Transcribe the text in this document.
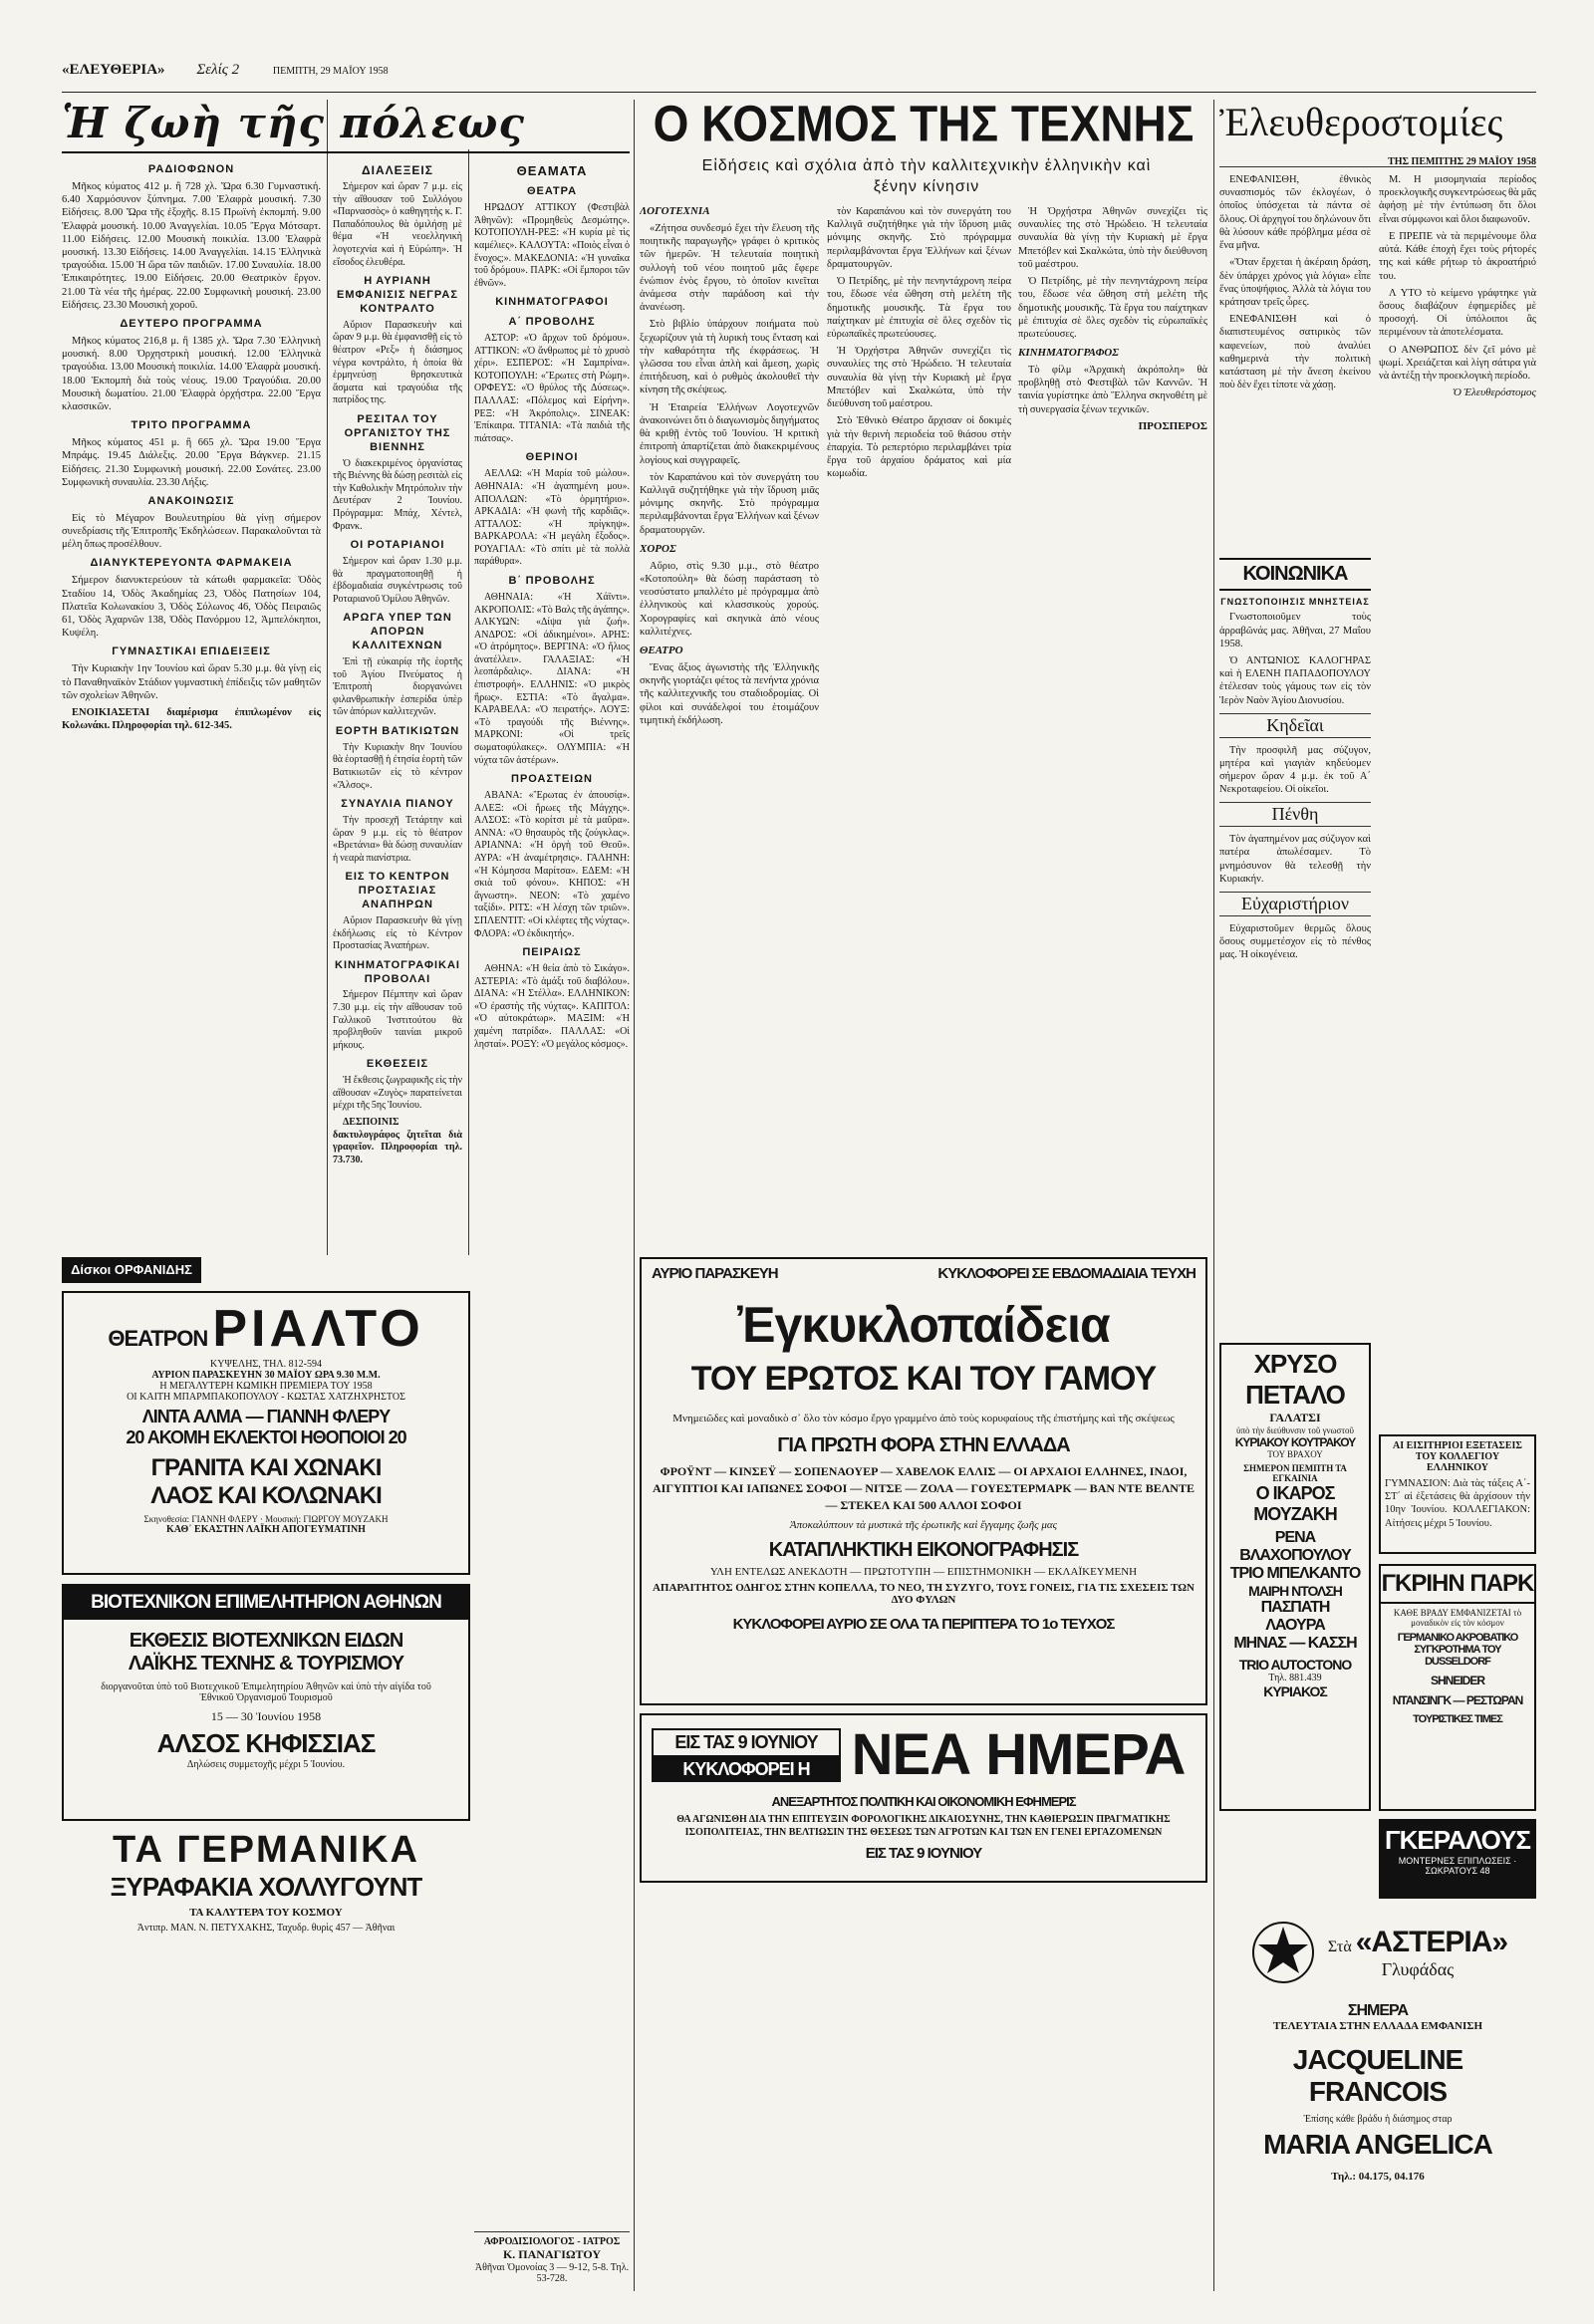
«ΕΛΕΥΘΕΡΙΑ» Σελίς 2	ΠΕΜΠΤΗ, 29 ΜΑΪΟΥ 1958
Ἡ ζωὴ τῆς πόλεως
ΡΑΔΙΟΦΩΝΟΝ

Μῆκος κύματος 412 μ. ἢ 728 χλ. Ὥρα 6.30 Γυμναστική. 6.40 Χαρμόσυνον ξύπνημα. 7.00 Ἐλαφρὰ μουσική. 7.30 Εἰδήσεις. 8.00 Ὥρα τῆς ἐξοχῆς. 8.15 Πρωϊνὴ ἐκπομπή. 9.00 Ἐλαφρὰ μουσική. 10.00 Ἀναγγελίαι. 10.05 Ἔργα Μότσαρτ. 11.00 Εἰδήσεις. 12.00 Μουσικὴ ποικιλία. 13.00 Ἐλαφρὰ μουσική. 13.30 Εἰδήσεις. 14.00 Ἀναγγελίαι. 14.15 Ἑλληνικὰ τραγούδια. 15.00 Ἡ ὥρα τῶν παιδιῶν. 17.00 Συναυλία. 18.00 Ἐπικαιρότητες. 19.00 Εἰδήσεις. 20.00 Θεατρικὸν ἔργον. 21.00 Τὰ νέα τῆς ἡμέρας. 22.00 Συμφωνικὴ μουσική. 23.00 Εἰδήσεις. 23.30 Μουσικὴ χοροῦ.

ΔΕΥΤΕΡΟ ΠΡΟΓΡΑΜΜΑ

Μῆκος κύματος 216,8 μ. ἢ 1385 χλ. Ὥρα 7.30 Ἑλληνικὴ μουσική. 8.00 Ὀρχηστρικὴ μουσική. 12.00 Ἑλληνικὰ τραγούδια. 13.00 Μουσικὴ ποικιλία. 14.00 Ἐλαφρὰ μουσική. 18.00 Ἐκπομπὴ διὰ τοὺς νέους. 19.00 Τραγούδια. 20.00 Μουσικὴ δωματίου. 21.00 Ἐλαφρὰ ὀρχήστρα. 22.00 Ἔργα κλασσικῶν.

ΤΡΙΤΟ ΠΡΟΓΡΑΜΜΑ

Μῆκος κύματος 451 μ. ἢ 665 χλ. Ὥρα 19.00 Ἔργα Μπράμς. 19.45 Διάλεξις. 20.00 Ἔργα Βάγκνερ. 21.15 Εἰδήσεις. 21.30 Συμφωνικὴ μουσική. 22.00 Σονάτες. 23.00 Συμφωνικὴ συναυλία. 23.30 Λήξις.

ΑΝΑΚΟΙΝΩΣΙΣ

Εἰς τὸ Μέγαρον Βουλευτηρίου θὰ γίνῃ σήμερον συνεδρίασις τῆς Ἐπιτροπῆς Ἐκδηλώσεων. Παρακαλοῦνται τὰ μέλη ὅπως προσέλθουν.

ΔΙΑΝΥΚΤΕΡΕΥΟΝΤΑ ΦΑΡΜΑΚΕΙΑ

Σήμερον διανυκτερεύουν τὰ κάτωθι φαρμακεῖα: Ὁδὸς Σταδίου 14, Ὁδὸς Ἀκαδημίας 23, Ὁδὸς Πατησίων 104, Πλατεῖα Κολωνακίου 3, Ὁδὸς Σόλωνος 46, Ὁδὸς Πειραιῶς 61, Ὁδὸς Ἀχαρνῶν 138, Ὁδὸς Πανόρμου 12, Ἀμπελόκηποι, Κυψέλη.

ΓΥΜΝΑΣΤΙΚΑΙ ΕΠΙΔΕΙΞΕΙΣ

Τὴν Κυριακὴν 1ην Ἰουνίου καὶ ὥραν 5.30 μ.μ. θὰ γίνῃ εἰς τὸ Παναθηναϊκὸν Στάδιον γυμναστικὴ ἐπίδειξις τῶν μαθητῶν τῶν σχολείων Ἀθηνῶν.

ΕΝΟΙΚΙΑΣΕΤΑΙ διαμέρισμα ἐπιπλωμένον εἰς Κολωνάκι. Πληροφορίαι τηλ. 612-345.

ΔΙΑΛΕΞΕΙΣ

Σήμερον καὶ ὥραν 7 μ.μ. εἰς τὴν αἴθουσαν τοῦ Συλλόγου «Παρνασσὸς» ὁ καθηγητὴς κ. Γ. Παπαδόπουλος θὰ ὁμιλήσῃ μὲ θέμα «Ἡ νεοελληνικὴ λογοτεχνία καὶ ἡ Εὐρώπη». Ἡ εἴσοδος ἐλευθέρα.

Η ΑΥΡΙΑΝΗ ΕΜΦΑΝΙΣΙΣ ΝΕΓΡΑΣ ΚΟΝΤΡΑΛΤΟ

Αὔριον Παρασκευὴν καὶ ὥραν 9 μ.μ. θὰ ἐμφανισθῇ εἰς τὸ θέατρον «Ρεξ» ἡ διάσημος νέγρα κοντράλτο, ἡ ὁποία θὰ ἑρμηνεύσῃ θρησκευτικὰ ἄσματα καὶ τραγούδια τῆς πατρίδος της.

ΡΕΣΙΤΑΛ ΤΟΥ ΟΡΓΑΝΙΣΤΟΥ ΤΗΣ ΒΙΕΝΝΗΣ

Ὁ διακεκριμένος ὀργανίστας τῆς Βιέννης θὰ δώσῃ ρεσιτὰλ εἰς τὴν Καθολικὴν Μητρόπολιν τὴν Δευτέραν 2 Ἰουνίου. Πρόγραμμα: Μπάχ, Χέντελ, Φρανκ.

ΟΙ ΡΟΤΑΡΙΑΝΟΙ

Σήμερον καὶ ὥραν 1.30 μ.μ. θὰ πραγματοποιηθῇ ἡ ἑβδομαδιαία συγκέντρωσις τοῦ Ροταριανοῦ Ὁμίλου Ἀθηνῶν.

ΑΡΩΓΑ ΥΠΕΡ ΤΩΝ ΑΠΟΡΩΝ ΚΑΛΛΙΤΕΧΝΩΝ

Ἐπὶ τῇ εὐκαιρίᾳ τῆς ἑορτῆς τοῦ Ἁγίου Πνεύματος ἡ Ἐπιτροπὴ διοργανώνει φιλανθρωπικὴν ἑσπερίδα ὑπὲρ τῶν ἀπόρων καλλιτεχνῶν.

ΕΟΡΤΗ ΒΑΤΙΚΙΩΤΩΝ

Τὴν Κυριακὴν 8ην Ἰουνίου θὰ ἑορτασθῇ ἡ ἐτησία ἑορτὴ τῶν Βατικιωτῶν εἰς τὸ κέντρον «Ἄλσος».

ΣΥΝΑΥΛΙΑ ΠΙΑΝΟΥ

Τὴν προσεχῆ Τετάρτην καὶ ὥραν 9 μ.μ. εἰς τὸ θέατρον «Βρετάνια» θὰ δώσῃ συναυλίαν ἡ νεαρὰ πιανίστρια.

ΕΙΣ ΤΟ ΚΕΝΤΡΟΝ ΠΡΟΣΤΑΣΙΑΣ ΑΝΑΠΗΡΩΝ

Αὔριον Παρασκευὴν θὰ γίνῃ ἐκδήλωσις εἰς τὸ Κέντρον Προστασίας Ἀναπήρων.

ΚΙΝΗΜΑΤΟΓΡΑΦΙΚΑΙ ΠΡΟΒΟΛΑΙ

Σήμερον Πέμπτην καὶ ὥραν 7.30 μ.μ. εἰς τὴν αἴθουσαν τοῦ Γαλλικοῦ Ἰνστιτούτου θὰ προβληθοῦν ταινίαι μικροῦ μήκους.

ΕΚΘΕΣΕΙΣ

Ἡ ἔκθεσις ζωγραφικῆς εἰς τὴν αἴθουσαν «Ζυγὸς» παρατείνεται μέχρι τῆς 5ης Ἰουνίου.

ΔΕΣΠΟΙΝΙΣ δακτυλογράφος ζητεῖται διὰ γραφεῖον. Πληροφορίαι τηλ. 73.730.

ΘΕΑΜΑΤΑ
ΘΕΑΤΡΑ

ΗΡΩΔΟΥ ΑΤΤΙΚΟΥ (Φεστιβὰλ Ἀθηνῶν): «Προμηθεὺς Δεσμώτης». ΚΟΤΟΠΟΥΛΗ-ΡΕΞ: «Ἡ κυρία μὲ τὶς καμέλιες». ΚΑΛΟΥΤΑ: «Ποιὸς εἶναι ὁ ἔνοχος;». ΜΑΚΕΔΟΝΙΑ: «Ἡ γυναῖκα τοῦ δρόμου». ΠΑΡΚ: «Οἱ ἔμποροι τῶν ἐθνῶν».

ΚΙΝΗΜΑΤΟΓΡΑΦΟΙ
Α΄ ΠΡΟΒΟΛΗΣ

ΑΣΤΟΡ: «Ὁ ἄρχων τοῦ δρόμου». ΑΤΤΙΚΟΝ: «Ὁ ἄνθρωπος μὲ τὸ χρυσὸ χέρι». ΕΣΠΕΡΟΣ: «Ἡ Σαμπρίνα». ΚΟΤΟΠΟΥΛΗ: «Ἔρωτες στὴ Ρώμη». ΟΡΦΕΥΣ: «Ὁ θρύλος τῆς Δύσεως». ΠΑΛΛΑΣ: «Πόλεμος καὶ Εἰρήνη». ΡΕΞ: «Ἡ Ἀκρόπολις». ΣΙΝΕΑΚ: Ἐπίκαιρα. ΤΙΤΑΝΙΑ: «Τὰ παιδιὰ τῆς πιάτσας».

ΘΕΡΙΝΟΙ

ΑΕΛΛΩ: «Ἡ Μαρία τοῦ μώλου». ΑΘΗΝΑΙΑ: «Ἡ ἀγαπημένη μου». ΑΠΟΛΛΩΝ: «Τὸ ὁρμητήριο». ΑΡΚΑΔΙΑ: «Ἡ φωνὴ τῆς καρδιᾶς». ΑΤΤΑΛΟΣ: «Ἡ πρίγκηψ». ΒΑΡΚΑΡΟΛΑ: «Ἡ μεγάλη ἔξοδος». ΡΟΥΑΓΙΑΛ: «Τὸ σπίτι μὲ τὰ πολλὰ παράθυρα».

Β΄ ΠΡΟΒΟΛΗΣ

ΑΘΗΝΑΙΑ: «Ἡ Χάϊντι». ΑΚΡΟΠΟΛΙΣ: «Τὸ Βαλς τῆς ἀγάπης». ΑΛΚΥΩΝ: «Δίψα γιὰ ζωή». ΑΝΔΡΟΣ: «Οἱ ἀδικημένοι». ΑΡΗΣ: «Ὁ ἀτρόμητος». ΒΕΡΓΙΝΑ: «Ὁ ἥλιος ἀνατέλλει». ΓΑΛΑΞΙΑΣ: «Ἡ λεοπάρδαλις». ΔΙΑΝΑ: «Ἡ ἐπιστροφή». ΕΛΛΗΝΙΣ: «Ὁ μικρὸς ἥρως». ΕΣΤΙΑ: «Τὸ ἄγαλμα». ΚΑΡΑΒΕΛΑ: «Ὁ πειρατής». ΛΟΥΞ: «Τὸ τραγούδι τῆς Βιέννης». ΜΑΡΚΟΝΙ: «Οἱ τρεῖς σωματοφύλακες». ΟΛΥΜΠΙΑ: «Ἡ νύχτα τῶν ἀστέρων».

ΠΡΟΑΣΤΕΙΩΝ

ΑΒΑΝΑ: «Ἔρωτας ἐν ἀπουσίᾳ». ΑΛΕΞ: «Οἱ ἥρωες τῆς Μάγχης». ΑΛΣΟΣ: «Τὸ κορίτσι μὲ τὰ μαῦρα». ΑΝΝΑ: «Ὁ θησαυρὸς τῆς ζούγκλας». ΑΡΙΑΝΝΑ: «Ἡ ὀργὴ τοῦ Θεοῦ». ΑΥΡΑ: «Ἡ ἀναμέτρησις». ΓΑΛΗΝΗ: «Ἡ Κόμησσα Μαρίτσα». ΕΔΕΜ: «Ἡ σκιὰ τοῦ φόνου». ΚΗΠΟΣ: «Ἡ ἄγνωστη». ΝΕΟΝ: «Τὸ χαμένο ταξίδι». ΡΙΤΣ: «Ἡ λέσχη τῶν τριῶν». ΣΠΛΕΝΤΙΤ: «Οἱ κλέφτες τῆς νύχτας». ΦΛΟΡΑ: «Ὁ ἐκδικητής».

ΠΕΙΡΑΙΩΣ

ΑΘΗΝΑ: «Ἡ θεία ἀπὸ τὸ Σικάγο». ΑΣΤΕΡΙΑ: «Τὸ ἀμάξι τοῦ διαβόλου». ΔΙΑΝΑ: «Ἡ Στέλλα». ΕΛΛΗΝΙΚΟΝ: «Ὁ ἐραστὴς τῆς νύχτας». ΚΑΠΙΤΟΛ: «Ὁ αὐτοκράτωρ». ΜΑΞΙΜ: «Ἡ χαμένη πατρίδα». ΠΑΛΛΑΣ: «Οἱ λησταί». ΡΟΞΥ: «Ὁ μεγάλος κόσμος».

ΑΦΡΟΔΙΣΙΟΛΟΓΟΣ - ΙΑΤΡΟΣ
Κ. ΠΑΝΑΓΙΩΤΟΥ
Ἀθῆναι Ὁμονοίας 3 — 9-12, 5-8. Τηλ. 53-728.
Δίσκοι ΟΡΦΑΝΙΔΗΣ
ΘΕΑΤΡΟΝ ΡΙΑΛΤΟ
ΚΥΨΕΛΗΣ, ΤΗΛ. 812-594
ΑΥΡΙΟΝ ΠΑΡΑΣΚΕΥΗΝ 30 ΜΑΪΟΥ ΩΡΑ 9.30 Μ.Μ.
Η ΜΕΓΑΛΥΤΕΡΗ ΚΩΜΙΚΗ ΠΡΕΜΙΕΡΑ ΤΟΥ 1958
ΟΙ ΚΑΙΤΗ ΜΠΑΡΜΠΑΚΟΠΟΥΛΟΥ - ΚΩΣΤΑΣ ΧΑΤΖΗΧΡΗΣΤΟΣ
ΛΙΝΤΑ ΑΛΜΑ — ΓΙΑΝΝΗ ΦΛΕΡΥ
20 ΑΚΟΜΗ ΕΚΛΕΚΤΟΙ ΗΘΟΠΟΙΟΙ 20
ΓΡΑΝΙΤΑ ΚΑΙ ΧΩΝΑΚΙ
ΛΑΟΣ ΚΑΙ ΚΟΛΩΝΑΚΙ
Σκηνοθεσία: ΓΙΑΝΝΗ ΦΛΕΡΥ · Μουσική: ΓΙΩΡΓΟΥ ΜΟΥΖΑΚΗ
ΚΑΘ᾿ ΕΚΑΣΤΗΝ ΛΑΪΚΗ ΑΠΟΓΕΥΜΑΤΙΝΗ
ΒΙΟΤΕΧΝΙΚΟΝ ΕΠΙΜΕΛΗΤΗΡΙΟΝ ΑΘΗΝΩΝ
ΕΚΘΕΣΙΣ ΒΙΟΤΕΧΝΙΚΩΝ ΕΙΔΩΝ
ΛΑΪΚΗΣ ΤΕΧΝΗΣ & ΤΟΥΡΙΣΜΟΥ
διοργανοῦται ὑπὸ τοῦ Βιοτεχνικοῦ Ἐπιμελητηρίου Ἀθηνῶν καὶ ὑπὸ τὴν αἰγίδα τοῦ Ἐθνικοῦ Ὀργανισμοῦ Τουρισμοῦ
15 — 30 Ἰουνίου 1958
ΑΛΣΟΣ ΚΗΦΙΣΣΙΑΣ
Δηλώσεις συμμετοχῆς μέχρι 5 Ἰουνίου.
ΤΑ ΓΕΡΜΑΝΙΚΑ
ΞΥΡΑΦΑΚΙΑ ΧΟΛΛΥΓΟΥΝΤ
ΤΑ ΚΑΛΥΤΕΡΑ ΤΟΥ ΚΟΣΜΟΥ
Ἀντιπρ. ΜΑΝ. Ν. ΠΕΤΥΧΑΚΗΣ, Ταχυδρ. θυρὶς 457 — Ἀθῆναι
Ο ΚΟΣΜΟΣ ΤΗΣ ΤΕΧΝΗΣ
Εἰδήσεις καὶ σχόλια ἀπὸ τὴν καλλιτεχνικὴν ἑλληνικὴν καὶ ξένην κίνησιν
ΛΟΓΟΤΕΧΝΙΑ

«Ζήτησα συνδεσμό ἔχει τὴν ἔλευση τῆς ποιητικῆς παραγωγῆς» γράφει ὁ κριτικὸς τῶν ἡμερῶν. Ἡ τελευταία ποιητικὴ συλλογὴ τοῦ νέου ποιητοῦ μᾶς ἔφερε ἐνώπιον ἑνὸς ἔργου, τὸ ὁποῖον κινεῖται ἀνάμεσα στὴν παράδοση καὶ τὴν ἀνανέωση.

Στὸ βιβλίο ὑπάρχουν ποιήματα ποὺ ξεχωρίζουν γιὰ τὴ λυρικὴ τους ἔνταση καὶ τὴν καθαρότητα τῆς ἐκφράσεως. Ἡ γλῶσσα του εἶναι ἀπλὴ καὶ ἄμεση, χωρὶς ἐπιτήδευση, καὶ ὁ ρυθμὸς ἀκολουθεῖ τὴν κίνηση τῆς σκέψεως.

Ἡ Ἑταιρεία Ἑλλήνων Λογοτεχνῶν ἀνακοινώνει ὅτι ὁ διαγωνισμὸς διηγήματος θὰ κριθῇ ἐντὸς τοῦ Ἰουνίου. Ἡ κριτικὴ ἐπιτροπὴ ἀπαρτίζεται ἀπὸ διακεκριμένους λογίους καὶ συγγραφεῖς.

τὸν Καραπάνου καὶ τὸν συνεργάτη του Καλλιγᾶ συζητήθηκε γιὰ τὴν ἵδρυση μιᾶς μόνιμης σκηνῆς. Στὸ πρόγραμμα περιλαμβάνονται ἔργα Ἑλλήνων καὶ ξένων δραματουργῶν.

ΧΟΡΟΣ

Αὔριο, στὶς 9.30 μ.μ., στὸ θέατρο «Κοτοπούλη» θὰ δώσῃ παράσταση τὸ νεοσύστατο μπαλλέτο μὲ πρόγραμμα ἀπὸ ἑλληνικοὺς καὶ κλασσικοὺς χορούς. Χορογραφίες καὶ σκηνικὰ ἀπὸ νέους καλλιτέχνες.

ΘΕΑΤΡΟ

Ἕνας ἄξιος ἀγωνιστὴς τῆς Ἑλληνικῆς σκηνῆς γιορτάζει φέτος τὰ πενήντα χρόνια τῆς καλλιτεχνικῆς του σταδιοδρομίας. Οἱ φίλοι καὶ συνάδελφοί του ἑτοιμάζουν τιμητικὴ ἐκδήλωση.

τὸν Καραπάνου καὶ τὸν συνεργάτη του Καλλιγᾶ συζητήθηκε γιὰ τὴν ἵδρυση μιᾶς μόνιμης σκηνῆς. Στὸ πρόγραμμα περιλαμβάνονται ἔργα Ἑλλήνων καὶ ξένων δραματουργῶν.

Ὁ Πετρίδης, μὲ τὴν πενηντάχρονη πείρα του, ἔδωσε νέα ὤθηση στὴ μελέτη τῆς δημοτικῆς μουσικῆς. Τὰ ἔργα του παίχτηκαν μὲ ἐπιτυχία σὲ ὅλες σχεδὸν τὶς εὐρωπαϊκὲς πρωτεύουσες.

Ἡ Ὀρχήστρα Ἀθηνῶν συνεχίζει τὶς συναυλίες της στὸ Ἡρώδειο. Ἡ τελευταία συναυλία θὰ γίνῃ τὴν Κυριακὴ μὲ ἔργα Μπετόβεν καὶ Σκαλκώτα, ὑπὸ τὴν διεύθυνση τοῦ μαέστρου.

Στὸ Ἐθνικὸ Θέατρο ἄρχισαν οἱ δοκιμὲς γιὰ τὴν θερινὴ περιοδεία τοῦ θιάσου στὴν ἐπαρχία. Τὸ ρεπερτόριο περιλαμβάνει τρία ἔργα τοῦ ἀρχαίου δράματος καὶ μία κωμωδία.

Ἡ Ὀρχήστρα Ἀθηνῶν συνεχίζει τὶς συναυλίες της στὸ Ἡρώδειο. Ἡ τελευταία συναυλία θὰ γίνῃ τὴν Κυριακὴ μὲ ἔργα Μπετόβεν καὶ Σκαλκώτα, ὑπὸ τὴν διεύθυνση τοῦ μαέστρου.

Ὁ Πετρίδης, μὲ τὴν πενηντάχρονη πείρα του, ἔδωσε νέα ὤθηση στὴ μελέτη τῆς δημοτικῆς μουσικῆς. Τὰ ἔργα του παίχτηκαν μὲ ἐπιτυχία σὲ ὅλες σχεδὸν τὶς εὐρωπαϊκὲς πρωτεύουσες.

ΚΙΝΗΜΑΤΟΓΡΑΦΟΣ

Τὸ φίλμ «Ἀρχαικὴ ἀκρόπολη» θὰ προβληθῇ στὸ Φεστιβὰλ τῶν Καννῶν. Ἡ ταινία γυρίστηκε ἀπὸ Ἕλληνα σκηνοθέτη μὲ τὴ συνεργασία ξένων τεχνικῶν.

ΠΡΟΣΠΕΡΟΣ
ΑΥΡΙΟ ΠΑΡΑΣΚΕΥΗ	ΚΥΚΛΟΦΟΡΕΙ ΣΕ ΕΒΔΟΜΑΔΙΑΙΑ ΤΕΥΧΗ
Ἐγκυκλοπαίδεια
ΤΟΥ ΕΡΩΤΟΣ ΚΑΙ ΤΟΥ ΓΑΜΟΥ
Μνημειῶδες καὶ μοναδικὸ σ᾿ ὅλο τὸν κόσμο ἔργο γραμμένο ἀπὸ τοὺς κορυφαίους τῆς ἐπιστήμης καὶ τῆς σκέψεως
ΓΙΑ ΠΡΩΤΗ ΦΟΡΑ ΣΤΗΝ ΕΛΛΑΔΑ
ΦΡΟΫΝΤ — ΚΙΝΣΕΫ — ΣΟΠΕΝΑΟΥΕΡ — ΧΑΒΕΛΟΚ ΕΛΛΙΣ — ΟΙ ΑΡΧΑΙΟΙ ΕΛΛΗΝΕΣ, ΙΝΔΟΙ, ΑΙΓΥΠΤΙΟΙ ΚΑΙ ΙΑΠΩΝΕΣ ΣΟΦΟΙ — ΝΙΤΣΕ — ΖΟΛΑ — ΓΟΥΕΣΤΕΡΜΑΡΚ — ΒΑΝ ΝΤΕ ΒΕΛΝΤΕ — ΣΤΕΚΕΛ ΚΑΙ 500 ΑΛΛΟΙ ΣΟΦΟΙ
Ἀποκαλύπτουν τὰ μυστικὰ τῆς ἐρωτικῆς καὶ ἔγγαμης ζωῆς μας
ΚΑΤΑΠΛΗΚΤΙΚΗ ΕΙΚΟΝΟΓΡΑΦΗΣΙΣ
ΥΛΗ ΕΝΤΕΛΩΣ ΑΝΕΚΔΟΤΗ — ΠΡΩΤΟΤΥΠΗ — ΕΠΙΣΤΗΜΟΝΙΚΗ — ΕΚΛΑΪΚΕΥΜΕΝΗ
ΑΠΑΡΑΙΤΗΤΟΣ ΟΔΗΓΟΣ ΣΤΗΝ ΚΟΠΕΛΛΑ, ΤΟ ΝΕΟ, ΤΗ ΣΥΖΥΓΟ, ΤΟΥΣ ΓΟΝΕΙΣ, ΓΙΑ ΤΙΣ ΣΧΕΣΕΙΣ ΤΩΝ ΔΥΟ ΦΥΛΩΝ
ΚΥΚΛΟΦΟΡΕΙ ΑΥΡΙΟ ΣΕ ΟΛΑ ΤΑ ΠΕΡΙΠΤΕΡΑ ΤΟ 1ο ΤΕΥΧΟΣ
ΕΙΣ ΤΑΣ 9 ΙΟΥΝΙΟΥ
ΚΥΚΛΟΦΟΡΕΙ Η ΝΕΑ ΗΜΕΡΑ
ΑΝΕΞΑΡΤΗΤΟΣ ΠΟΛΙΤΙΚΗ ΚΑΙ ΟΙΚΟΝΟΜΙΚΗ ΕΦΗΜΕΡΙΣ
ΘΑ ΑΓΩΝΙΣΘΗ ΔΙΑ ΤΗΝ ΕΠΙΤΕΥΞΙΝ ΦΟΡΟΛΟΓΙΚΗΣ ΔΙΚΑΙΟΣΥΝΗΣ, ΤΗΝ ΚΑΘΙΕΡΩΣΙΝ ΠΡΑΓΜΑΤΙΚΗΣ ΙΣΟΠΟΛΙΤΕΙΑΣ, ΤΗΝ ΒΕΛΤΙΩΣΙΝ ΤΗΣ ΘΕΣΕΩΣ ΤΩΝ ΑΓΡΟΤΩΝ ΚΑΙ ΤΩΝ ΕΝ ΓΕΝΕΙ ΕΡΓΑΖΟΜΕΝΩΝ
ΕΙΣ ΤΑΣ 9 ΙΟΥΝΙΟΥ
Ἐλευθεροστομίες
ΤΗΣ ΠΕΜΠΤΗΣ 29 ΜΑΪΟΥ 1958

ΕΝΕΦΑΝΙΣΘΗ, ἐθνικὸς συνασπισμός τῶν ἐκλογέων, ὁ ὁποῖος ὑπόσχεται τὰ πάντα σὲ ὅλους. Οἱ ἀρχηγοί του δηλώνουν ὅτι θὰ λύσουν κάθε πρόβλημα μέσα σὲ ἕνα μῆνα.

«Ὅταν ἔρχεται ἡ ἀκέραιη δράση, δὲν ὑπάρχει χρόνος γιὰ λόγια» εἶπε ἕνας ὑποψήφιος. Ἀλλὰ τὰ λόγια του κράτησαν τρεῖς ὧρες.

ΕΝΕΦΑΝΙΣΘΗ καὶ ὁ διαπιστευμένος σατιρικὸς τῶν καφενείων, ποὺ ἀναλύει καθημερινὰ τὴν πολιτικὴ κατάσταση μὲ τὴν ἄνεση ἐκείνου ποὺ δὲν ἔχει τίποτε νὰ χάσῃ.

Μ. Η μισομηνιαία περίοδος προεκλογικῆς συγκεντρώσεως θὰ μᾶς ἀφήσῃ μὲ τὴν ἐντύπωση ὅτι ὅλοι εἶναι σύμφωνοι καὶ ὅλοι διαφωνοῦν.

Ε ΠΡΕΠΕ νὰ τὰ περιμένουμε ὅλα αὐτά. Κάθε ἐποχὴ ἔχει τοὺς ρήτορές της καὶ κάθε ρήτωρ τὸ ἀκροατήριό του.

Λ ΥΤΟ τὸ κείμενο γράφτηκε γιὰ ὅσους διαβάζουν ἐφημερίδες μὲ προσοχή. Οἱ ὑπόλοιποι ἂς περιμένουν τὰ ἀποτελέσματα.

Ο ΑΝΘΡΩΠΟΣ δὲν ζεῖ μόνο μὲ ψωμί. Χρειάζεται καὶ λίγη σάτιρα γιὰ νὰ ἀντέξῃ τὴν προεκλογικὴ περίοδο.

Ὁ Ἐλευθερόστομος
ΚΟΙΝΩΝΙΚΑ
ΓΝΩΣΤΟΠΟΙΗΣΙΣ ΜΝΗΣΤΕΙΑΣ

Γνωστοποιοῦμεν τοὺς ἀρραβῶνάς μας. Ἀθῆναι, 27 Μαΐου 1958.

Ὁ ΑΝΤΩΝΙΟΣ ΚΑΛΟΓΗΡΑΣ καὶ ἡ ΕΛΕΝΗ ΠΑΠΑΔΟΠΟΥΛΟΥ ἐτέλεσαν τοὺς γάμους των εἰς τὸν Ἱερὸν Ναὸν Ἁγίου Διονυσίου.

Κηδεῖαι

Τὴν προσφιλῆ μας σύζυγον, μητέρα καὶ γιαγιὰν κηδεύομεν σήμερον ὥραν 4 μ.μ. ἐκ τοῦ Α΄ Νεκροταφείου. Οἱ οἰκεῖοι.

Πένθη

Τὸν ἀγαπημένον μας σύζυγον καὶ πατέρα ἀπωλέσαμεν. Τὸ μνημόσυνον θὰ τελεσθῇ τὴν Κυριακήν.

Εὐχαριστήριον

Εὐχαριστοῦμεν θερμῶς ὅλους ὅσους συμμετέσχον εἰς τὸ πένθος μας. Ἡ οἰκογένεια.

ΑΙ ΕΙΣΙΤΗΡΙΟΙ ΕΞΕΤΑΣΕΙΣ ΤΟΥ ΚΟΛΛΕΓΙΟΥ ΕΛΛΗΝΙΚΟΥ
ΓΥΜΝΑΣΙΟΝ: Διὰ τὰς τάξεις Α΄-ΣΤ΄ αἱ ἐξετάσεις θὰ ἀρχίσουν τὴν 10ην Ἰουνίου. ΚΟΛΛΕΓΙΑΚΟΝ: Αἰτήσεις μέχρι 5 Ἰουνίου.
ΧΡΥΣΟ ΠΕΤΑΛΟ
ΓΑΛΑΤΣΙ
ὑπὸ τὴν διεύθυνσιν τοῦ γνωστοῦ
ΚΥΡΙΑΚΟΥ ΚΟΥΤΡΑΚΟΥ
ΤΟΥ ΒΡΑΧΟΥ
ΣΗΜΕΡΟΝ ΠΕΜΠΤΗ ΤΑ ΕΓΚΑΙΝΙΑ
Ο ΙΚΑΡΟΣ
ΜΟΥΖΑΚΗ
ΡΕΝΑ ΒΛΑΧΟΠΟΥΛΟΥ
ΤΡΙΟ ΜΠΕΛΚΑΝΤΟ
ΜΑΙΡΗ ΝΤΟΛΣΗ
ΠΑΣΠΑΤΗ
ΛΑΟΥΡΑ
ΜΗΝΑΣ — ΚΑΣΣΗ
TRIO AUTOCTONO
Τηλ. 881.439
ΚΥΡΙΑΚΟΣ
ΓΚΡΙΗΝ ΠΑΡΚ
ΚΑΘΕ ΒΡΑΔΥ ΕΜΦΑΝΙΖΕΤΑΙ τὸ μοναδικὸν εἰς τὸν κόσμον
ΓΕΡΜΑΝΙΚΟ ΑΚΡΟΒΑΤΙΚΟ ΣΥΓΚΡΟΤΗΜΑ ΤΟΥ DUSSELDORF
SHNEIDER
ΝΤΑΝΣΙΝΓΚ — ΡΕΣΤΩΡΑΝ
ΤΟΥΡΙΣΤΙΚΕΣ ΤΙΜΕΣ
ΓΚΕΡΑΛΟΥΣ
ΜΟΝΤΕΡΝΕΣ ΕΠΙΠΛΩΣΕΙΣ · ΣΩΚΡΑΤΟΥΣ 48
Στὰ «ΑΣΤΕΡΙΑ»
Γλυφάδας
ΣΗΜΕΡΑ
ΤΕΛΕΥΤΑΙΑ ΣΤΗΝ ΕΛΛΑΔΑ ΕΜΦΑΝΙΣΗ
JACQUELINE FRANCOIS
Ἐπίσης κάθε βράδυ ἡ διάσημος σταρ
MARIA ANGELICA
Τηλ.: 04.175, 04.176
